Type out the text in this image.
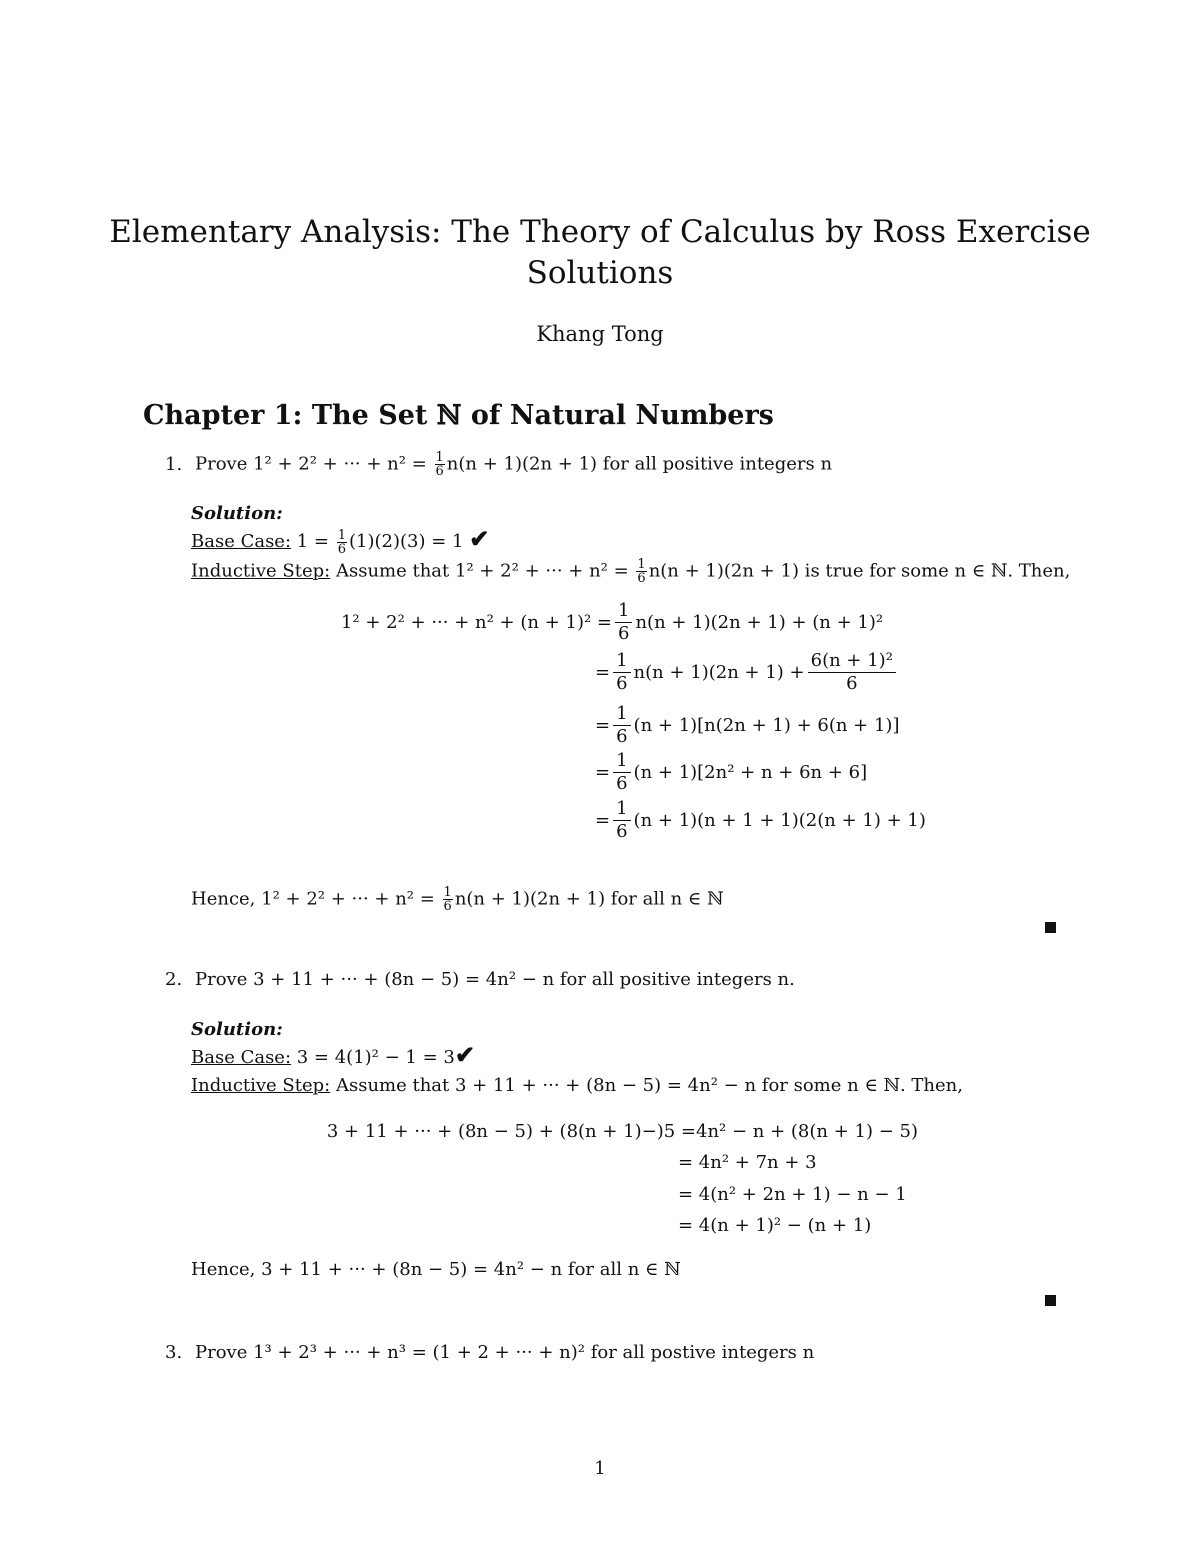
Elementary Analysis: The Theory of Calculus by Ross Exercise Solutions
Khang Tong
Chapter 1: The Set ℕ of Natural Numbers
1. Prove 1² + 2² + ··· + $n^2 = \frac{1}{6} n(n + 1)(2n + 1)$ for all positive integers n
Solution:
Base Case: $1 = \frac{1}{6} (1)(2)(3) = 1$ ✔
Inductive Step: Assume that 1² + 2² + ··· + $n^2 = \frac{1}{6} n(n + 1)(2n + 1)$ is true for some n ∈ ℕ. Then,
1² + 2² + ··· + n² + (n + 1)² =
1
6
n(n + 1)(2n + 1) + (n + 1)²
= $\frac{1}{6} n(n + 1)(2n + 1) + \frac{\text{6(n + 1)²}}{6}$
= $\frac{1}{6} (n + 1)[n(2n + 1) + 6(n + 1)]$
= $\frac{1}{6} (n + 1)[2n^2 + n + 6n + 6]$
= $\frac{1}{6} (n + 1)(n + 1 + 1)(2(n + 1) + 1)$
Hence, 1² + 2² + ··· + $n^2 = \frac{1}{6} n(n + 1)(2n + 1)$ for all n ∈ ℕ
2. Prove 3 + 11 + ··· + (8n − 5) = 4n² − n for all positive integers n.
Solution:
Base Case: 3 = 4(1)² − 1 = 3✔
Inductive Step: Assume that 3 + 11 + ··· + (8n − 5) = 4n² − n for some n ∈ ℕ. Then,
3 + 11 + ··· + (8n − 5) + (8(n + 1)−)5 = 4n² − n + (8(n + 1) − 5)
= 4n² + 7n + 3
= 4(n² + 2n + 1) − n − 1
= 4(n + 1)² − (n + 1)
Hence, 3 + 11 + ··· + (8n − 5) = 4n² − n for all n ∈ ℕ
3. Prove 1³ + 2³ + ··· + n³ = (1 + 2 + ··· + n)² for all postive integers n
1
